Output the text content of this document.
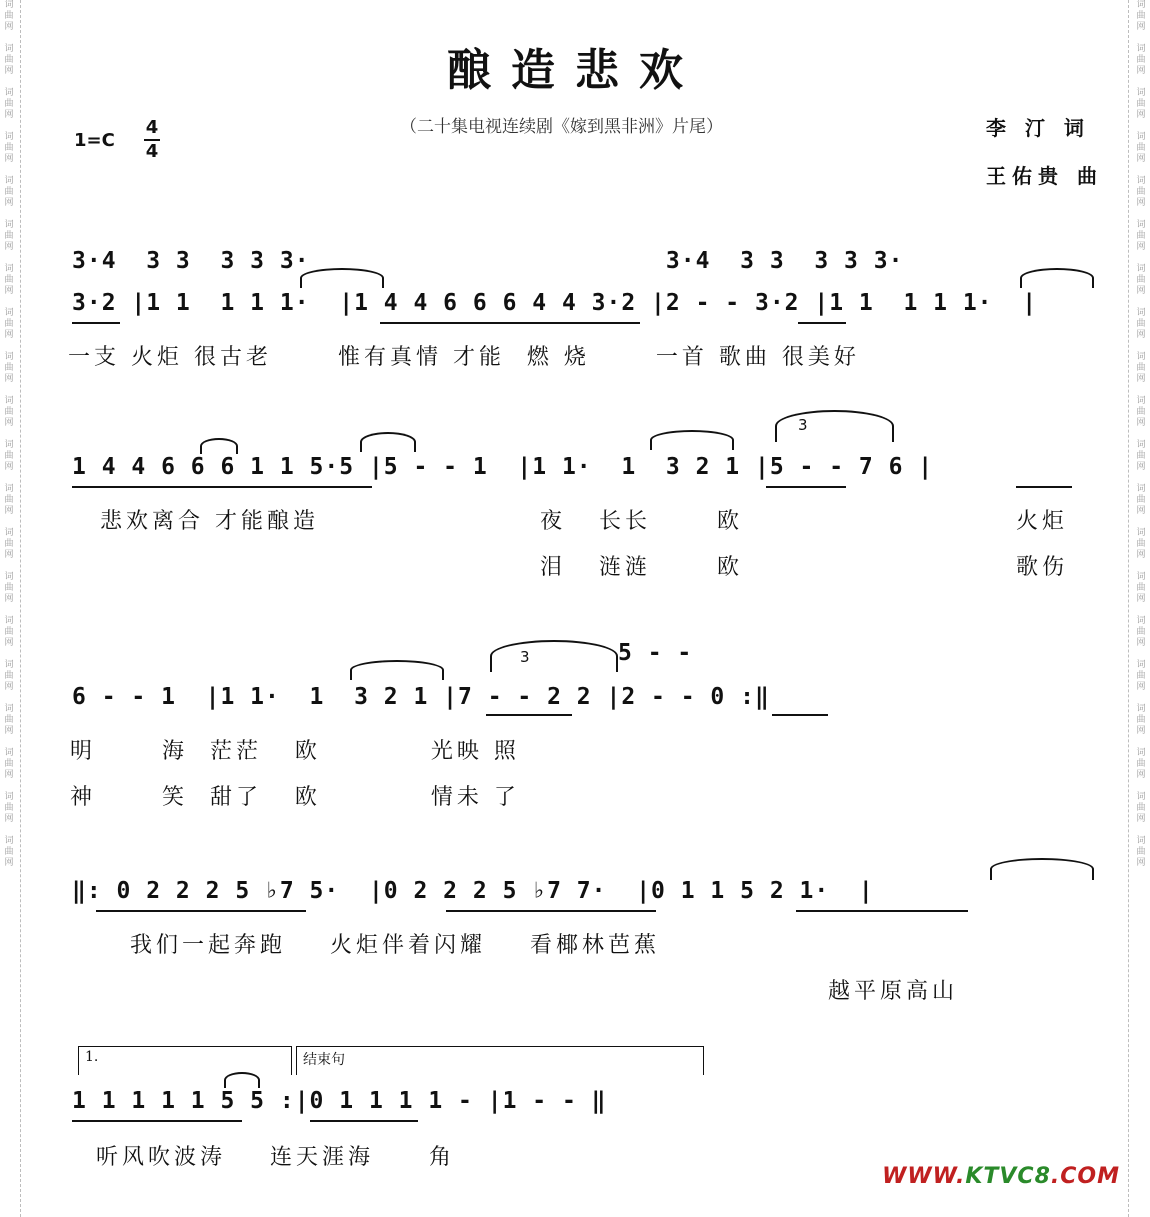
词
曲
网

词
曲
网

词
曲
网

词
曲
网

词
曲
网

词
曲
网

词
曲
网

词
曲
网

词
曲
网

词
曲
网

词
曲
网

词
曲
网

词
曲
网

词
曲
网

词
曲
网

词
曲
网

词
曲
网

词
曲
网

词
曲
网

词
曲
网
词
曲
网

词
曲
网

词
曲
网

词
曲
网

词
曲
网

词
曲
网

词
曲
网

词
曲
网

词
曲
网

词
曲
网

词
曲
网

词
曲
网

词
曲
网

词
曲
网

词
曲
网

词
曲
网

词
曲
网

词
曲
网

词
曲
网

词
曲
网
酿造悲欢
（二十集电视连续剧《嫁到黑非洲》片尾）	李 汀 词
王佑贵 曲
1=C
4
4
3·4  3 3  3 3 3·                        3·4  3 3  3 3 3·
3·2 |1 1  1 1 1·  |1 4 4 6 6 6 4 4 3·2 |2 - - 3·2 |1 1  1 1 1·  |
一支 火炬 很古老      惟有真情 才能  燃 烧      一首 歌曲 很美好
3
1 4 4 6 6 6 1 1 5·5 |5 - - 1  |1 1·  1  3 2 1 |5 - - 7 6 |
悲欢离合 才能酿造	夜   长长      欧
泪   涟涟      欧
火炬
歌伤
5 - -
3
6 - - 1  |1 1·  1  3 2 1 |7 - - 2 2 |2 - - 0 :‖
明      海  茫茫   欧          光映 照
神      笑  甜了   欧          情未 了
‖: 0 2 2 2 5 ♭7 5·  |0 2 2 2 5 ♭7 7·  |0 1 1 5 2 1·  |
我们一起奔跑    火炬伴着闪耀    看椰林芭蕉
越平原高山
1.	结束句
1 1 1 1 1 5 5 :|0 1 1 1 1 - |1 - - ‖
听风吹波涛    连天涯海     角
WWW.KTVC8.COM
